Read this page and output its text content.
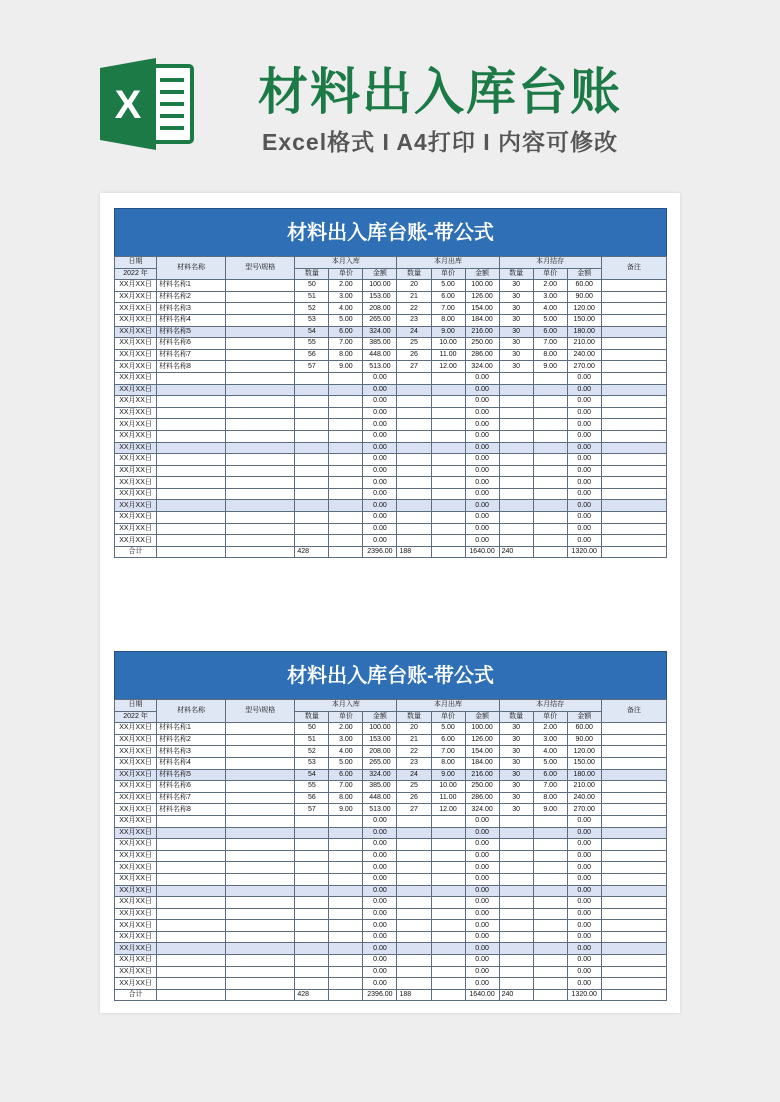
X 材料出入库台账
Excel格式 I A4打印 I 内容可修改
材料出入库台账-带公式
日期	材料名称	型号\规格	本月入库			本月出库			本月结存			备注
2022 年			数量	单价	金额	数量	单价	金额	数量	单价	金额	
XX月XX日	材料名称1		50	2.00	100.00	20	5.00	100.00	30	2.00	60.00	
XX月XX日	材料名称2		51	3.00	153.00	21	6.00	126.00	30	3.00	90.00	
XX月XX日	材料名称3		52	4.00	208.00	22	7.00	154.00	30	4.00	120.00	
XX月XX日	材料名称4		53	5.00	265.00	23	8.00	184.00	30	5.00	150.00	
XX月XX日	材料名称5		54	6.00	324.00	24	9.00	216.00	30	6.00	180.00	
XX月XX日	材料名称6		55	7.00	385.00	25	10.00	250.00	30	7.00	210.00	
XX月XX日	材料名称7		56	8.00	448.00	26	11.00	286.00	30	8.00	240.00	
XX月XX日	材料名称8		57	9.00	513.00	27	12.00	324.00	30	9.00	270.00	
XX月XX日					0.00			0.00			0.00	
XX月XX日					0.00			0.00			0.00	
XX月XX日					0.00			0.00			0.00	
XX月XX日					0.00			0.00			0.00	
XX月XX日					0.00			0.00			0.00	
XX月XX日					0.00			0.00			0.00	
XX月XX日					0.00			0.00			0.00	
XX月XX日					0.00			0.00			0.00	
XX月XX日					0.00			0.00			0.00	
XX月XX日					0.00			0.00			0.00	
XX月XX日					0.00			0.00			0.00	
XX月XX日					0.00			0.00			0.00	
XX月XX日					0.00			0.00			0.00	
XX月XX日					0.00			0.00			0.00	
XX月XX日					0.00			0.00			0.00	
合计			428		2396.00	188		1640.00	240		1320.00	
材料出入库台账-带公式
日期	材料名称	型号\规格	本月入库			本月出库			本月结存			备注
2022 年			数量	单价	金额	数量	单价	金额	数量	单价	金额	
XX月XX日	材料名称1		50	2.00	100.00	20	5.00	100.00	30	2.00	60.00	
XX月XX日	材料名称2		51	3.00	153.00	21	6.00	126.00	30	3.00	90.00	
XX月XX日	材料名称3		52	4.00	208.00	22	7.00	154.00	30	4.00	120.00	
XX月XX日	材料名称4		53	5.00	265.00	23	8.00	184.00	30	5.00	150.00	
XX月XX日	材料名称5		54	6.00	324.00	24	9.00	216.00	30	6.00	180.00	
XX月XX日	材料名称6		55	7.00	385.00	25	10.00	250.00	30	7.00	210.00	
XX月XX日	材料名称7		56	8.00	448.00	26	11.00	286.00	30	8.00	240.00	
XX月XX日	材料名称8		57	9.00	513.00	27	12.00	324.00	30	9.00	270.00	
XX月XX日					0.00			0.00			0.00	
XX月XX日					0.00			0.00			0.00	
XX月XX日					0.00			0.00			0.00	
XX月XX日					0.00			0.00			0.00	
XX月XX日					0.00			0.00			0.00	
XX月XX日					0.00			0.00			0.00	
XX月XX日					0.00			0.00			0.00	
XX月XX日					0.00			0.00			0.00	
XX月XX日					0.00			0.00			0.00	
XX月XX日					0.00			0.00			0.00	
XX月XX日					0.00			0.00			0.00	
XX月XX日					0.00			0.00			0.00	
XX月XX日					0.00			0.00			0.00	
XX月XX日					0.00			0.00			0.00	
XX月XX日					0.00			0.00			0.00	
合计			428		2396.00	188		1640.00	240		1320.00	
